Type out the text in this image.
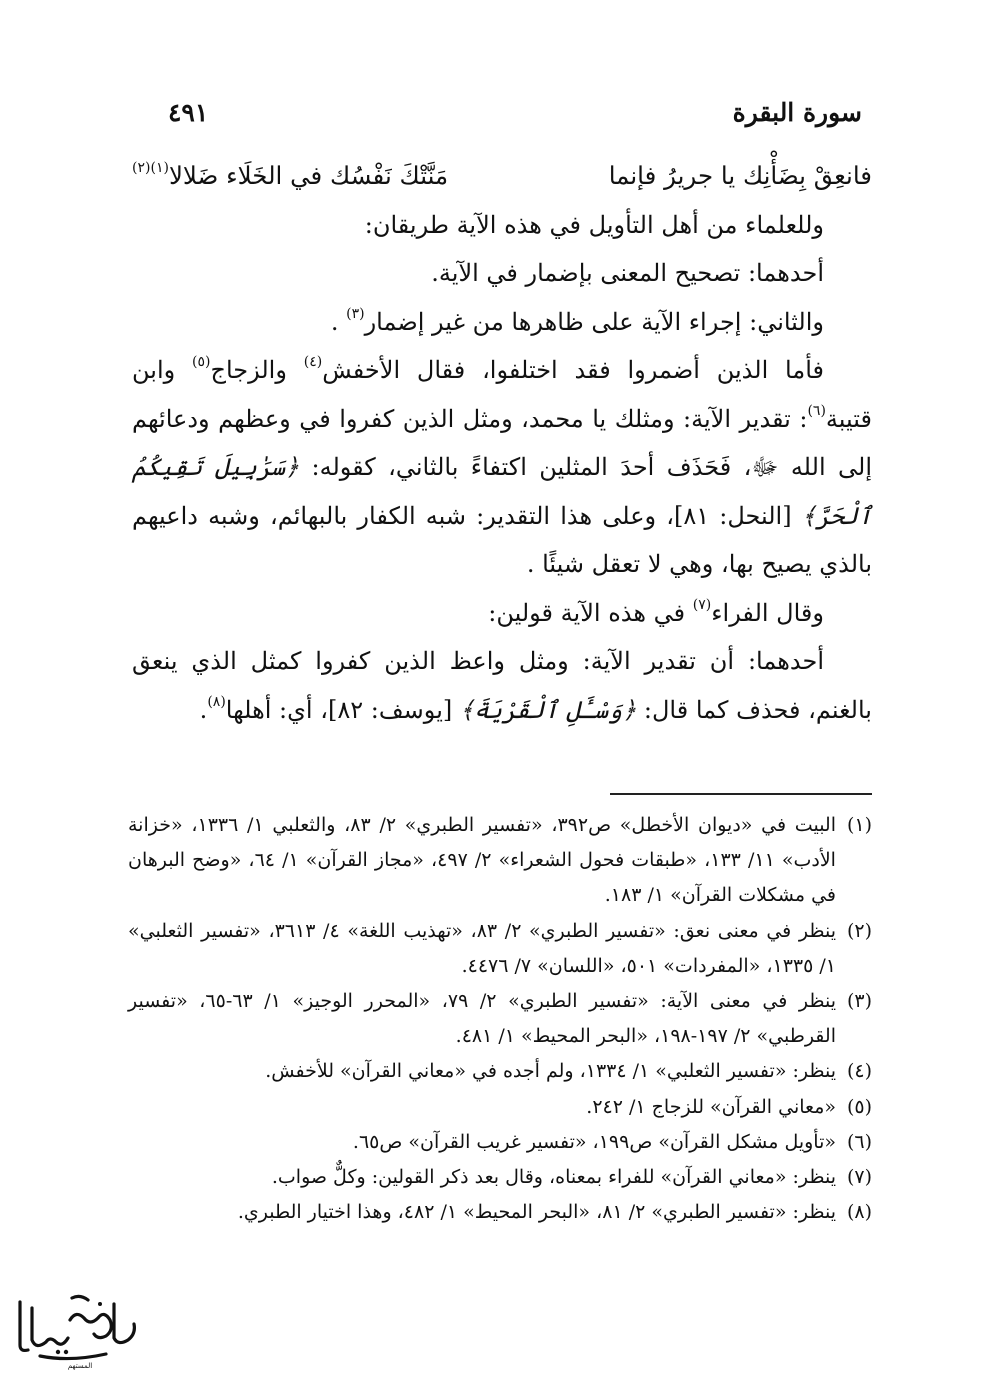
سورة البقرة
٤٩١
فانعِقْ بِضَأْنِك يا جريرُ فإنما
مَنَّتْكَ نَفْسُك في الخَلَاء ضَلالا$^{(١)(٢)}$

وللعلماء من أهل التأويل في هذه الآية طريقان:

أحدهما: تصحيح المعنى بإضمار في الآية.

والثاني: إجراء الآية على ظاهرها من غير إضمار$^{(٣)}$ .

فأما الذين أضمروا فقد اختلفوا، فقال الأخفش$^{(٤)}$ والزجاج$^{(٥)}$ وابن قتيبة$^{(٦)}$: تقدير الآية: ومثلك يا محمد، ومثل الذين كفروا في وعظهم ودعائهم إلى الله ﷻ، فَحَذَف أحدَ المثلين اكتفاءً بالثاني، كقوله: ﴿سَرَٰبِيلَ تَقِيكُمُ ٱلْحَرَّ﴾ [النحل: ٨١]، وعلى هذا التقدير: شبه الكفار بالبهائم، وشبه داعيهم بالذي يصيح بها، وهي لا تعقل شيئًا .

وقال الفراء$^{(٧)}$ في هذه الآية قولين:

أحدهما: أن تقدير الآية: ومثل واعظ الذين كفروا كمثل الذي ينعق بالغنم، فحذف كما قال: ﴿وَسْـَٔلِ ٱلْقَرْيَةَ﴾ [يوسف: ٨٢]، أي: أهلها$^{(٨)}$.

(١)
البيت في «ديوان الأخطل» ص٣٩٢، «تفسير الطبري» ٢/ ٨٣، والثعلبي ١/ ١٣٣٦، «خزانة الأدب» ١١/ ١٣٣، «طبقات فحول الشعراء» ٢/ ٤٩٧، «مجاز القرآن» ١/ ٦٤، «وضح البرهان في مشكلات القرآن» ١/ ١٨٣.
(٢)
ينظر في معنى نعق: «تفسير الطبري» ٢/ ٨٣، «تهذيب اللغة» ٤/ ٣٦١٣، «تفسير الثعلبي» ١/ ١٣٣٥، «المفردات» ٥٠١، «اللسان» ٧/ ٤٤٧٦.
(٣)
ينظر في معنى الآية: «تفسير الطبري» ٢/ ٧٩، «المحرر الوجيز» ١/ ٦٣-٦٥، «تفسير القرطبي» ٢/ ١٩٧-١٩٨، «البحر المحيط» ١/ ٤٨١.
(٤)
ينظر: «تفسير الثعلبي» ١/ ١٣٣٤، ولم أجده في «معاني القرآن» للأخفش.
(٥)
«معاني القرآن» للزجاج ١/ ٢٤٢.
(٦)
«تأويل مشكل القرآن» ص١٩٩، «تفسير غريب القرآن» ص٦٥.
(٧)
ينظر: «معاني القرآن» للفراء بمعناه، وقال بعد ذكر القولين: وكلٌّ صواب.
(٨)
ينظر: «تفسير الطبري» ٢/ ٨١، «البحر المحيط» ١/ ٤٨٢، وهذا اختيار الطبري.
المستهم
